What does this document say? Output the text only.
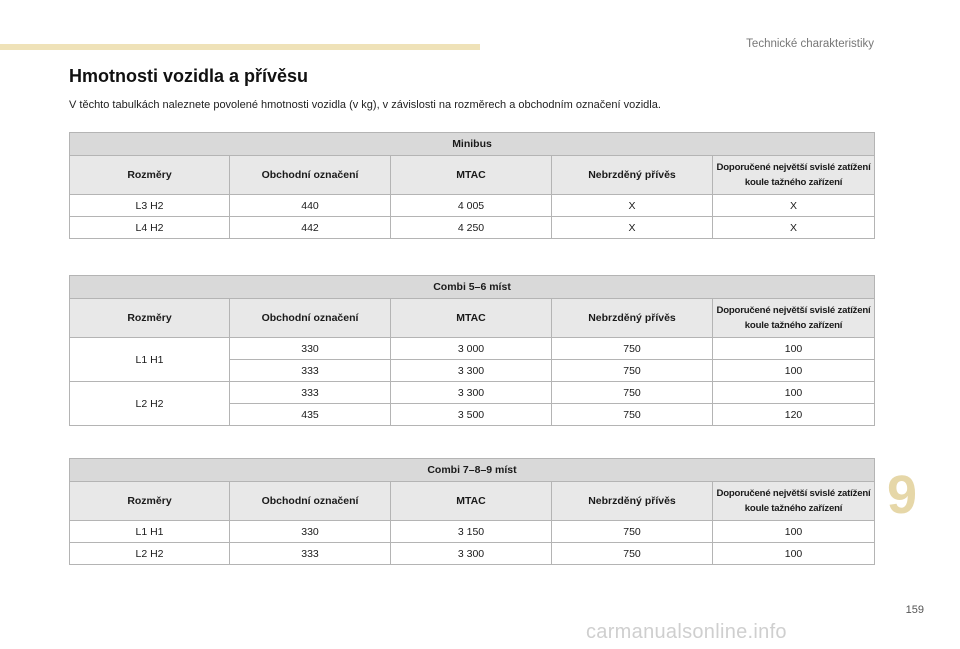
Technické charakteristiky
Hmotnosti vozidla a přívěsu

V těchto tabulkách naleznete povolené hmotnosti vozidla (v kg), v závislosti na rozměrech a obchodním označení vozidla.

Minibus				
Rozměry	Obchodní označení	MTAC	Nebrzděný přívěs	Doporučené největší svislé zatížení koule tažného zařízení
L3 H2	440	4 005	X	X
L4 H2	442	4 250	X	X
Combi 5–6 míst				
Rozměry	Obchodní označení	MTAC	Nebrzděný přívěs	Doporučené největší svislé zatížení koule tažného zařízení
L1 H1	330	3 000	750	100
	333	3 300	750	100
L2 H2	333	3 300	750	100
	435	3 500	750	120
Combi 7–8–9 míst				
Rozměry	Obchodní označení	MTAC	Nebrzděný přívěs	Doporučené největší svislé zatížení koule tažného zařízení
L1 H1	330	3 150	750	100
L2 H2	333	3 300	750	100
9
159
carmanualsonline.info
